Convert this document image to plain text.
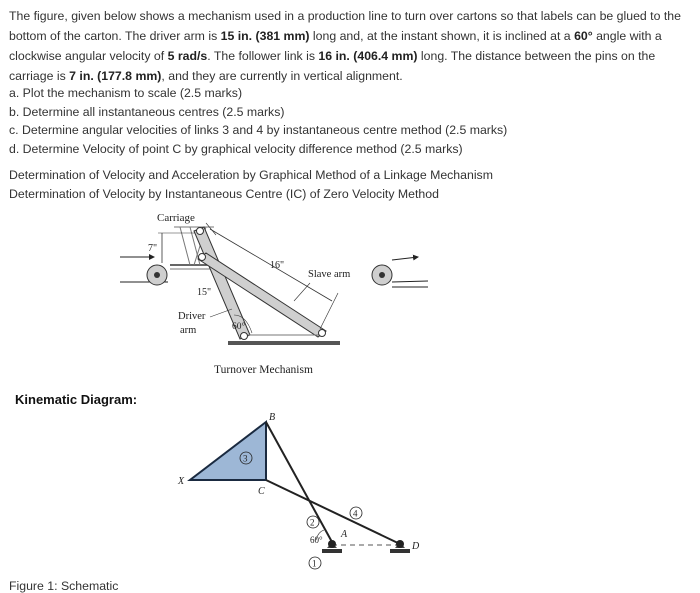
The figure, given below shows a mechanism used in a production line to turn over cartons so that labels can be glued to the bottom of the carton. The driver arm is 15 in. (381 mm) long and, at the instant shown, it is inclined at a 60° angle with a clockwise angular velocity of 5 rad/s. The follower link is 16 in. (406.4 mm) long. The distance between the pins on the carriage is 7 in. (177.8 mm), and they are currently in vertical alignment.
a. Plot the mechanism to scale (2.5 marks)
b. Determine all instantaneous centres (2.5 marks)
c. Determine angular velocities of links 3 and 4 by instantaneous centre method (2.5 marks)
d. Determine Velocity of point C by graphical velocity difference method (2.5 marks)
Determination of Velocity and Acceleration by Graphical Method of a Linkage Mechanism
Determination of Velocity by Instantaneous Centre (IC) of Zero Velocity Method
Carriage
7"
15"
16"
Slave arm
60°
Driver
arm
Turnover Mechanism
Kinematic Diagram:
B
X
C
3
2
4
60° A
D
1
Figure 1: Schematic
